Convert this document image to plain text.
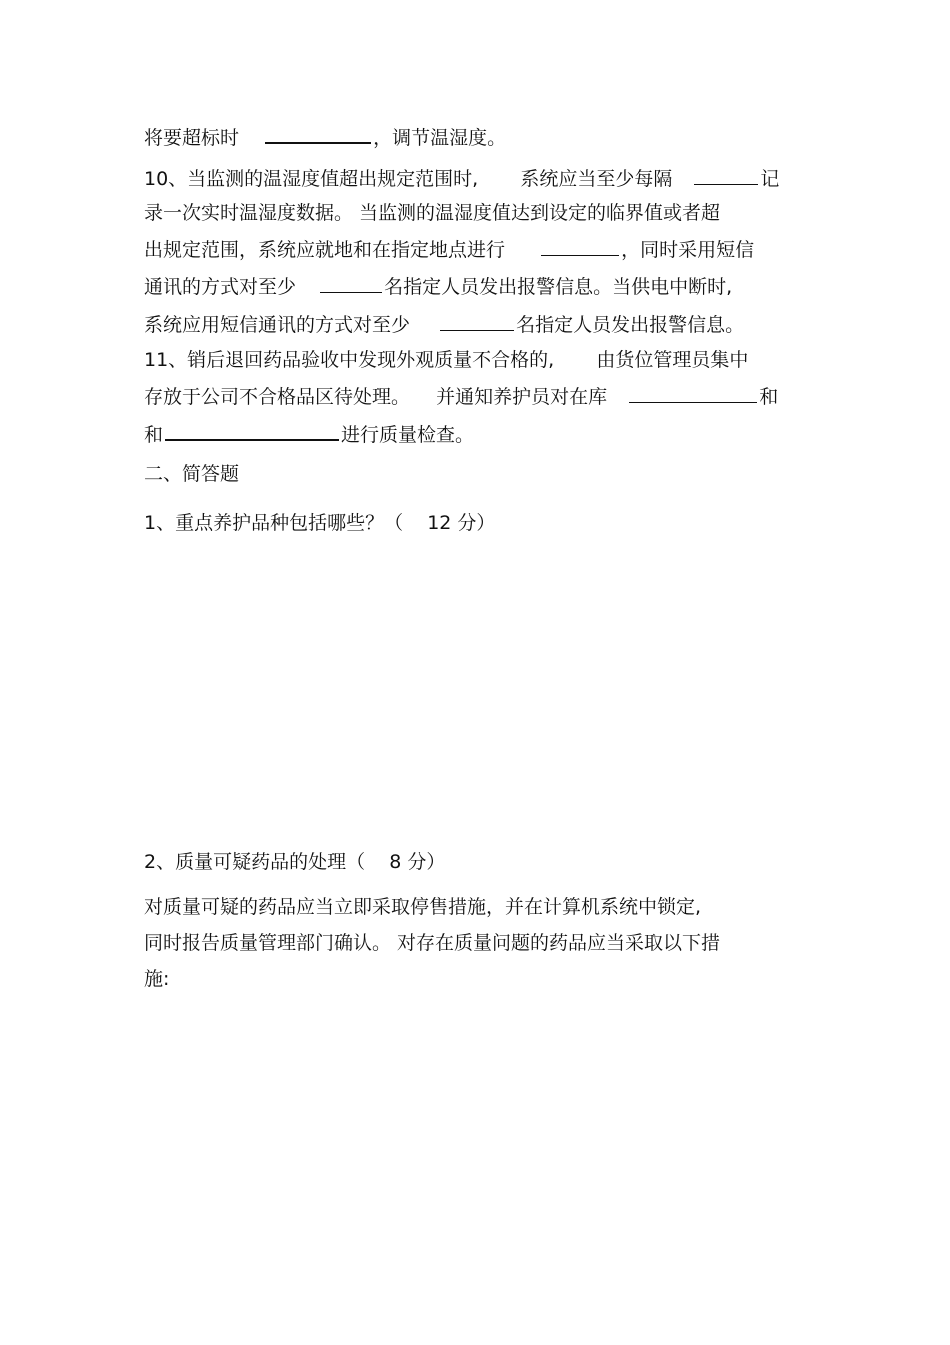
将要超标时	，调节温湿度。
10、当监测的温湿度值超出规定范围时, 系统应当至少每隔	记
录一次实时温湿度数据。 当监测的温湿度值达到设定的临界值或者超
出规定范围，系统应就地和在指定地点进行	，同时采用短信
通讯的方式对至少	名指定人员发出报警信息。当供电中断时,
系统应用短信通讯的方式对至少	名指定人员发出报警信息。
11、销后退回药品验收中发现外观质量不合格的, 由货位管理员集中
存放于公司不合格品区待处理。 并通知养护员对在库	和
和	进行质量检查。
二、简答题
1、重点养护品种包括哪些？（ 12 分）
2、质量可疑药品的处理（ 8 分）
对质量可疑的药品应当立即采取停售措施，并在计算机系统中锁定,
同时报告质量管理部门确认。 对存在质量问题的药品应当采取以下措
施:
